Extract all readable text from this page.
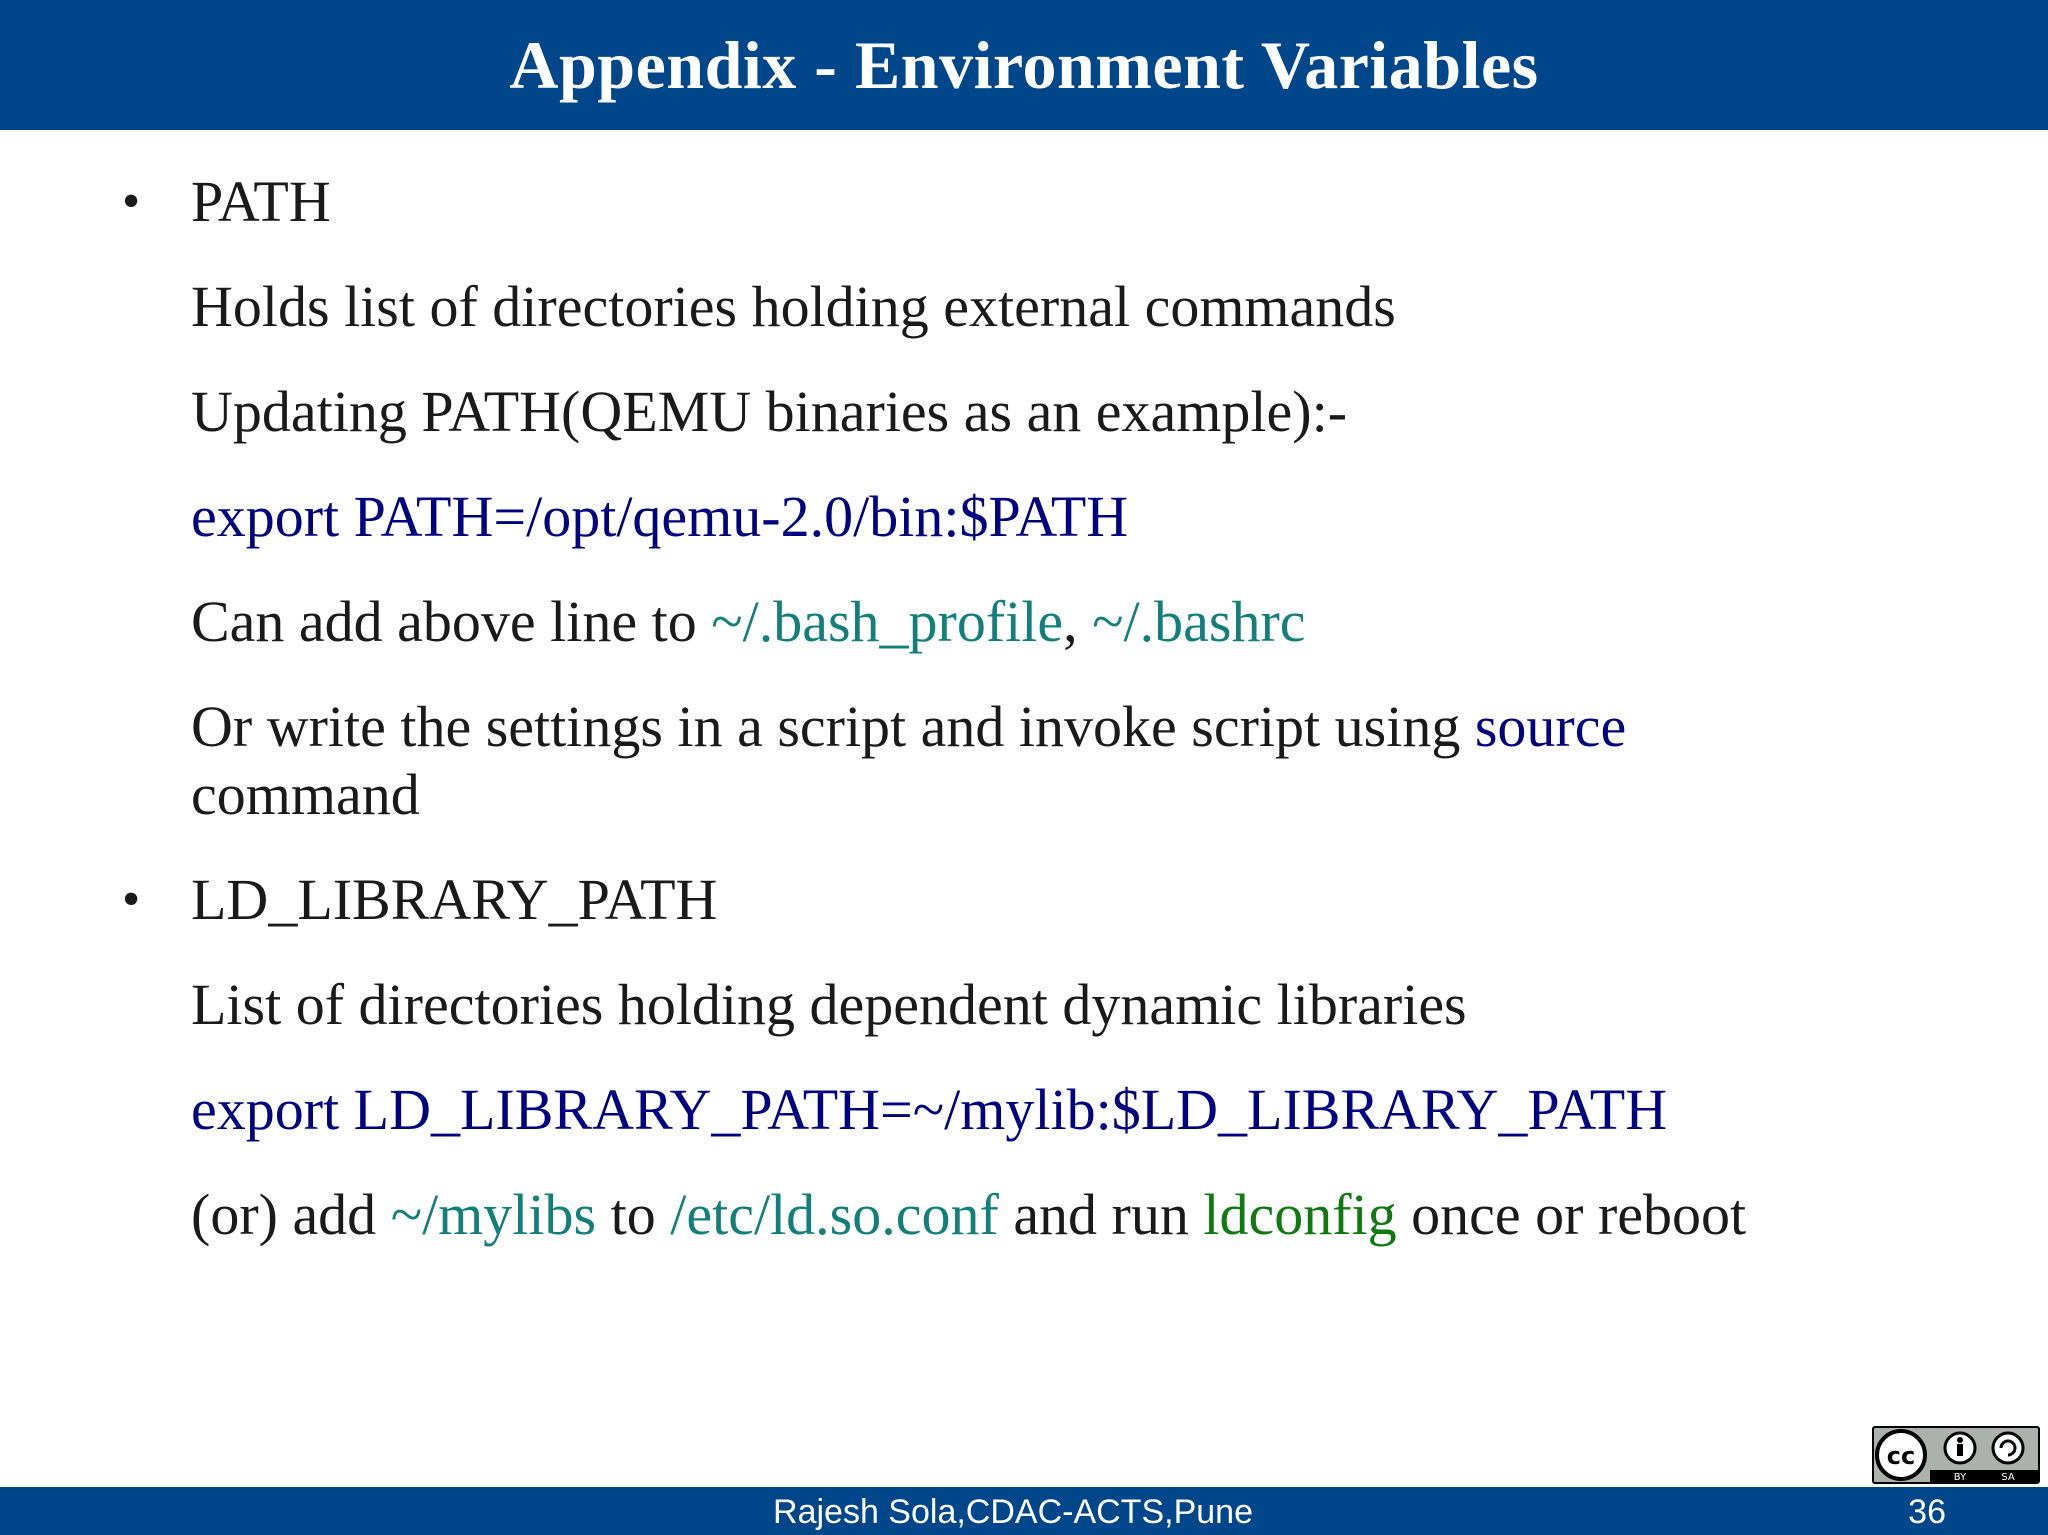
Appendix - Environment Variables
• PATH
Holds list of directories holding external commands
Updating PATH(QEMU binaries as an example):-
export PATH=/opt/qemu-2.0/bin:$PATH
Can add above line to ~/.bash_profile, ~/.bashrc
Or write the settings in a script and invoke script using source
command
• LD_LIBRARY_PATH
List of directories holding dependent dynamic libraries
export LD_LIBRARY_PATH=~/mylib:$LD_LIBRARY_PATH
(or) add ~/mylibs to /etc/ld.so.conf and run ldconfig once or reboot
cc
BY	SA
Rajesh Sola,CDAC-ACTS,Pune	36
